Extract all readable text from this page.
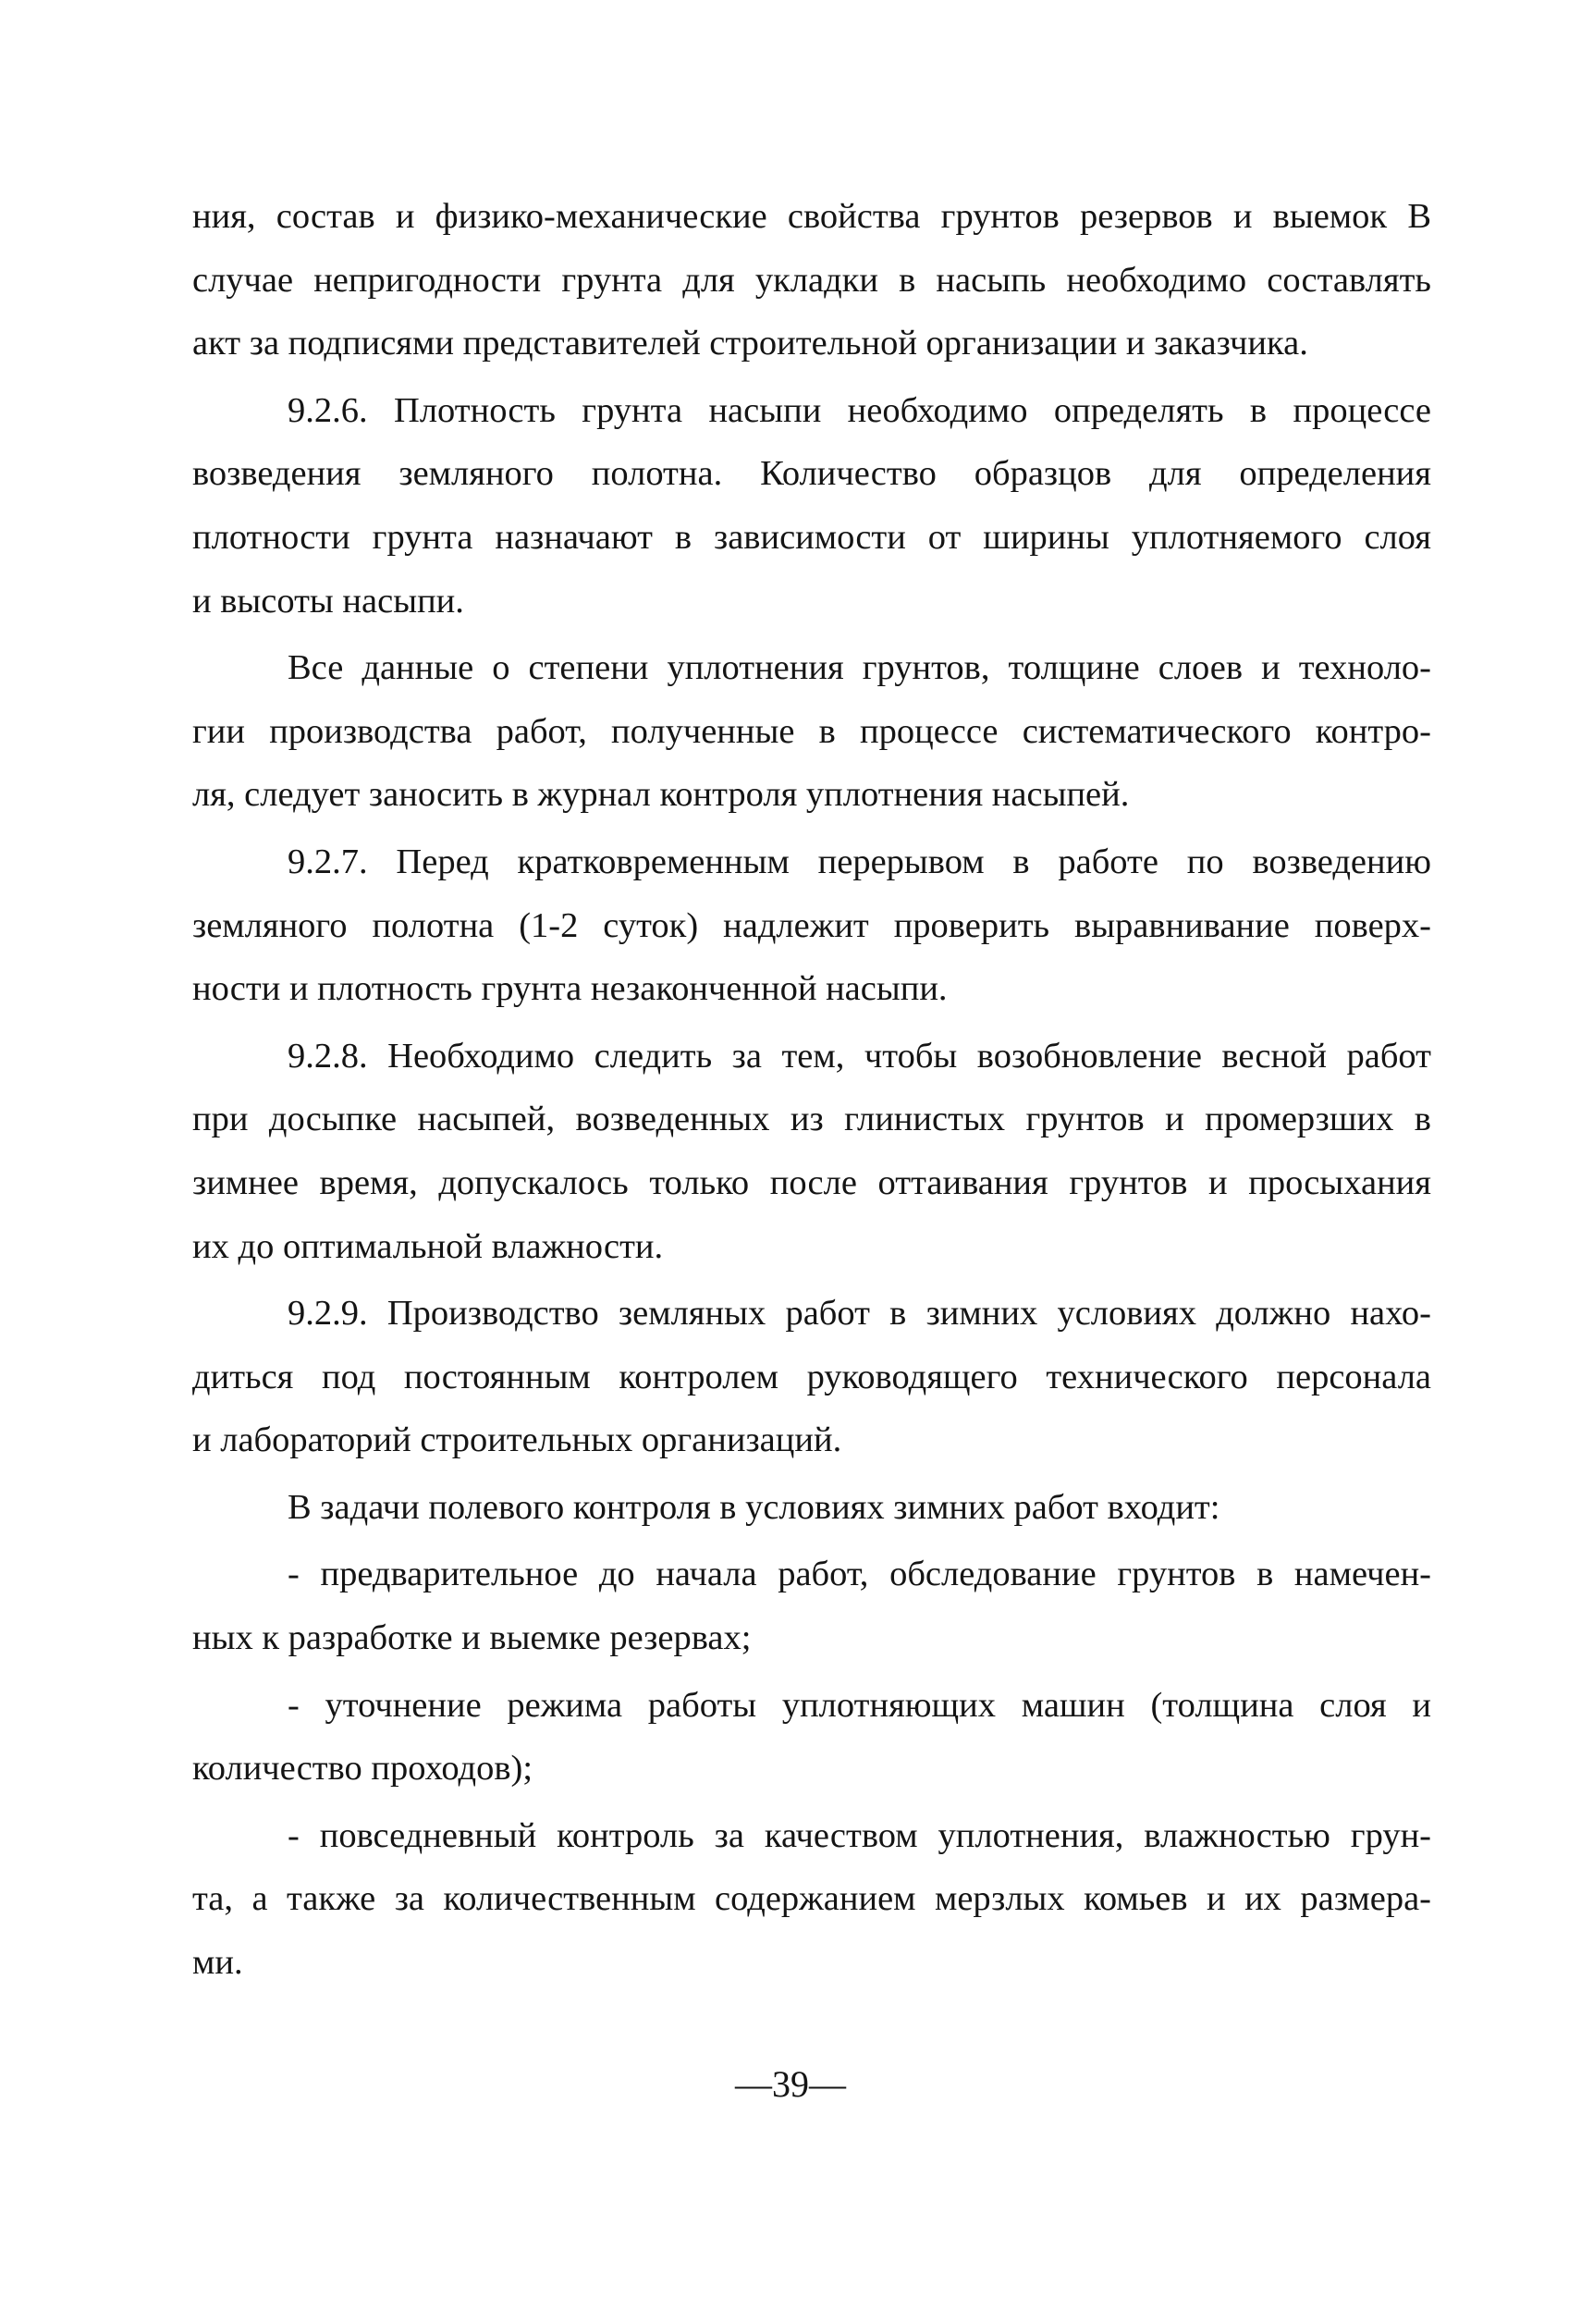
ния, состав и физико-механические свойства грунтов резервов и выемок В
случае непригодности грунта для укладки в насыпь необходимо составлять
акт за подписями представителей строительной организации и заказчика.
9.2.6. Плотность грунта насыпи необходимо определять в процессе
возведения земляного полотна. Количество образцов для определения
плотности грунта назначают в зависимости от ширины уплотняемого слоя
и высоты насыпи.
Все данные о степени уплотнения грунтов, толщине слоев и техноло-
гии производства работ, полученные в процессе систематического контро-
ля, следует заносить в журнал контроля уплотнения насыпей.
9.2.7. Перед кратковременным перерывом в работе по возведению
земляного полотна (1-2 суток) надлежит проверить выравнивание поверх-
ности и плотность грунта незаконченной насыпи.
9.2.8. Необходимо следить за тем, чтобы возобновление весной работ
при досыпке насыпей, возведенных из глинистых грунтов и промерзших в
зимнее время, допускалось только после оттаивания грунтов и просыхания
их до оптимальной влажности.
9.2.9. Производство земляных работ в зимних условиях должно нахо-
диться под постоянным контролем руководящего технического персонала
и лабораторий строительных организаций.
В задачи полевого контроля в условиях зимних работ входит:
- предварительное до начала работ, обследование грунтов в намечен-
ных к разработке и выемке резервах;
- уточнение режима работы уплотняющих машин (толщина слоя и
количество проходов);
- повседневный контроль за качеством уплотнения, влажностью грун-
та, а также за количественным содержанием мерзлых комьев и их размера-
ми.
—39—
